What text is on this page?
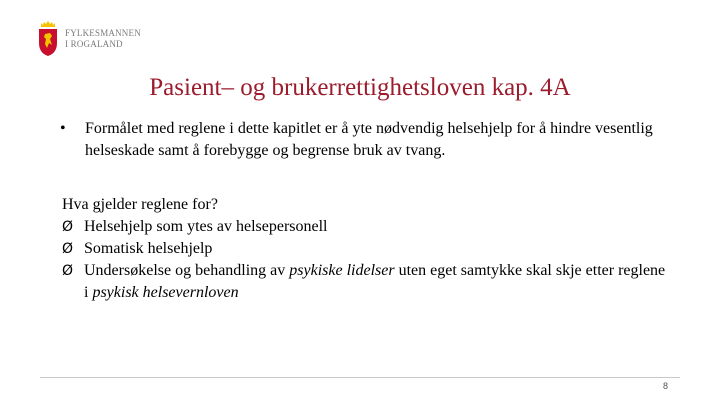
FYLKESMANNEN
I ROGALAND
Pasient– og brukerrettighetsloven kap. 4A
•	Formålet med reglene i dette kapitlet er å yte nødvendig helsehjelp for å hindre vesentlig helseskade samt å forebygge og begrense bruk av tvang.
Hva gjelder reglene for?
Ø Helsehjelp som ytes av helsepersonell
Ø Somatisk helsehjelp
Ø Undersøkelse og behandling av psykiske lidelser uten eget samtykke skal skje etter reglene i psykisk helsevernloven
8
